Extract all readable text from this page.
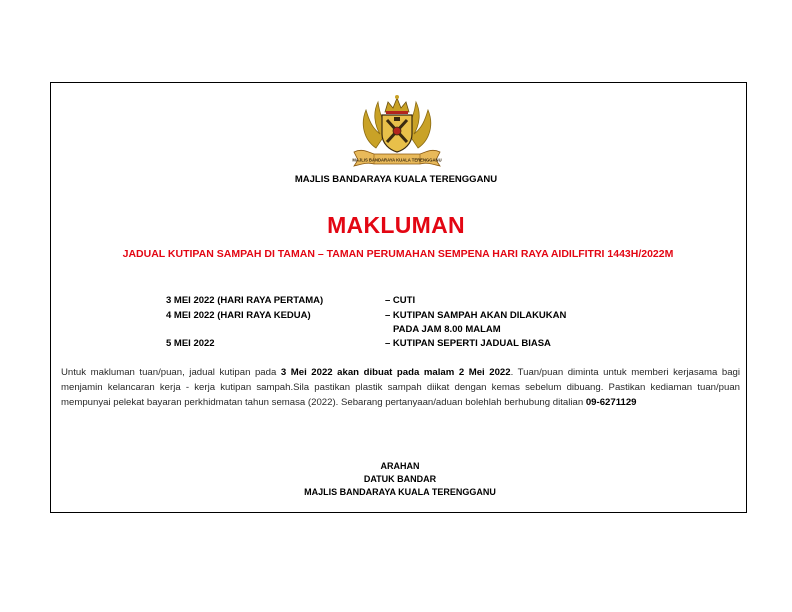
MAJLIS BANDARAYA KUALA TERENGGANU
MAJLIS BANDARAYA KUALA TERENGGANU
MAKLUMAN
JADUAL KUTIPAN SAMPAH DI TAMAN – TAMAN PERUMAHAN SEMPENA HARI RAYA AIDILFITRI 1443H/2022M
3 MEI 2022 (HARI RAYA PERTAMA)	– CUTI
4 MEI 2022 (HARI RAYA KEDUA)	– KUTIPAN SAMPAH AKAN DILAKUKAN
PADA JAM 8.00 MALAM
5 MEI 2022	– KUTIPAN SEPERTI JADUAL BIASA
Untuk makluman tuan/puan, jadual kutipan pada 3 Mei 2022 akan dibuat pada malam 2 Mei 2022. Tuan/puan diminta untuk memberi kerjasama bagi menjamin kelancaran kerja - kerja kutipan sampah.Sila pastikan plastik sampah diikat dengan kemas sebelum dibuang. Pastikan kediaman tuan/puan mempunyai pelekat bayaran perkhidmatan tahun semasa (2022). Sebarang pertanyaan/aduan bolehlah berhubung ditalian 09-6271129
ARAHAN
DATUK BANDAR
MAJLIS BANDARAYA KUALA TERENGGANU
